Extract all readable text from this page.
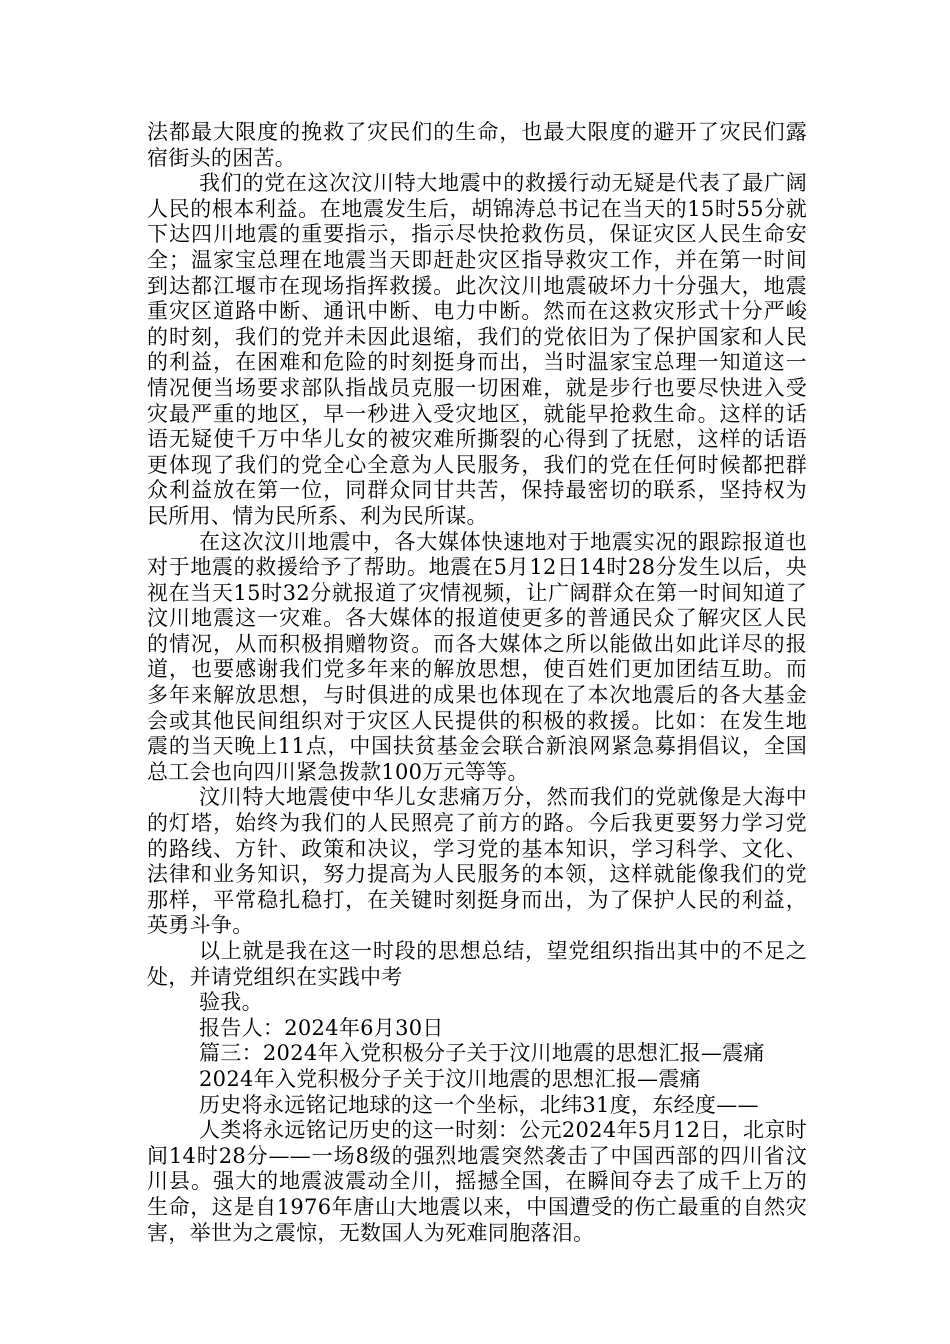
法都最大限度的挽救了灾民们的生命，也最大限度的避开了灾民们露宿街头的困苦。

我们的党在这次汶川特大地震中的救援行动无疑是代表了最广阔人民的根本利益。在地震发生后，胡锦涛总书记在当天的15时55分就下达四川地震的重要指示，指示尽快抢救伤员，保证灾区人民生命安全；温家宝总理在地震当天即赶赴灾区指导救灾工作，并在第一时间到达都江堰市在现场指挥救援。此次汶川地震破坏力十分强大，地震重灾区道路中断、通讯中断、电力中断。然而在这救灾形式十分严峻的时刻，我们的党并未因此退缩，我们的党依旧为了保护国家和人民的利益，在困难和危险的时刻挺身而出，当时温家宝总理一知道这一情况便当场要求部队指战员克服一切困难，就是步行也要尽快进入受灾最严重的地区，早一秒进入受灾地区，就能早抢救生命。这样的话语无疑使千万中华儿女的被灾难所撕裂的心得到了抚慰，这样的话语更体现了我们的党全心全意为人民服务，我们的党在任何时候都把群众利益放在第一位，同群众同甘共苦，保持最密切的联系，坚持权为民所用、情为民所系、利为民所谋。

在这次汶川地震中，各大媒体快速地对于地震实况的跟踪报道也对于地震的救援给予了帮助。地震在5月12日14时28分发生以后，央视在当天15时32分就报道了灾情视频，让广阔群众在第一时间知道了汶川地震这一灾难。各大媒体的报道使更多的普通民众了解灾区人民的情况，从而积极捐赠物资。而各大媒体之所以能做出如此详尽的报道，也要感谢我们党多年来的解放思想，使百姓们更加团结互助。而多年来解放思想，与时俱进的成果也体现在了本次地震后的各大基金会或其他民间组织对于灾区人民提供的积极的救援。比如：在发生地震的当天晚上11点，中国扶贫基金会联合新浪网紧急募捐倡议，全国总工会也向四川紧急拨款100万元等等。

汶川特大地震使中华儿女悲痛万分，然而我们的党就像是大海中的灯塔，始终为我们的人民照亮了前方的路。今后我更要努力学习党的路线、方针、政策和决议，学习党的基本知识，学习科学、文化、法律和业务知识，努力提高为人民服务的本领，这样就能像我们的党那样，平常稳扎稳打，在关键时刻挺身而出，为了保护人民的利益，英勇斗争。

以上就是我在这一时段的思想总结，望党组织指出其中的不足之处，并请党组织在实践中考

验我。

报告人：2024年6月30日

篇三：2024年入党积极分子关于汶川地震的思想汇报—震痛

2024年入党积极分子关于汶川地震的思想汇报—震痛

历史将永远铭记地球的这一个坐标，北纬31度，东经度——

人类将永远铭记历史的这一时刻：公元2024年5月12日，北京时间14时28分——一场8级的强烈地震突然袭击了中国西部的四川省汶川县。强大的地震波震动全川，摇撼全国，在瞬间夺去了成千上万的生命，这是自1976年唐山大地震以来，中国遭受的伤亡最重的自然灾害，举世为之震惊，无数国人为死难同胞落泪。
